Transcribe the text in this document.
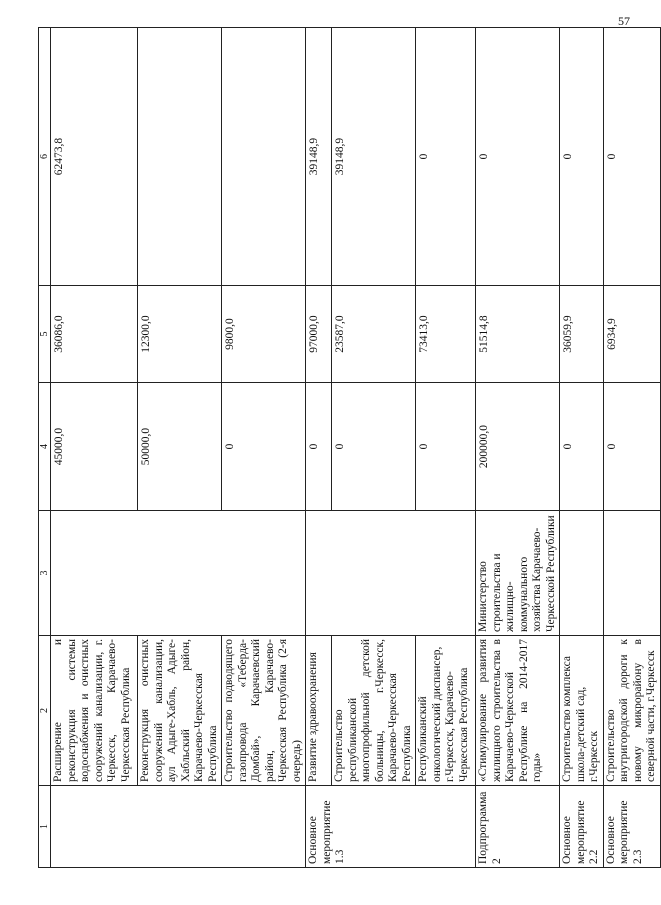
57
1	2	3	4	5	6
	Расширение и реконструкция системы водоснабжения и очистных сооружений канализации, г. Черкесск, Карачаево-Черкесская Республика		45000,0	36086,0	62473,8
	Реконструкция очистных сооружений канализации, аул Адыге-Хабль, Адыге-Хабльский район, Карачаево-Черкесская Республика		50000,0	12300,0	
	Строительство подводящего газопровода «Теберда-Домбай», Карачаевский район, Карачаево-Черкесская Республика (2-я очередь)		0	9800,0	
Основное мероприятие 1.3	Развитие здравоохранения		0	97000,0	39148,9
	Строительство республиканской многопрофильной детской больницы, г.Черкесск, Карачаево-Черкесская Республика		0	23587,0	39148,9
	Республиканский онкологический диспансер, г.Черкесск, Карачаево-Черкесская Республика		0	73413,0	0
Подпрограмма 2	«Стимулирование развития жилищного строительства в Карачаево-Черкесской Республике на 2014-2017 годы»	Министерство строительства и жилищно-коммунального хозяйства Карачаево-Черкесской Республики	200000,0	51514,8	0
Основное мероприятие 2.2	Строительство комплекса школа-детский сад, г.Черкесск		0	36059,9	0
Основное мероприятие 2.3	Строительство внутригородской дороги к новому микрорайону в северной части, г.Черкесск		0	6934,9	0
